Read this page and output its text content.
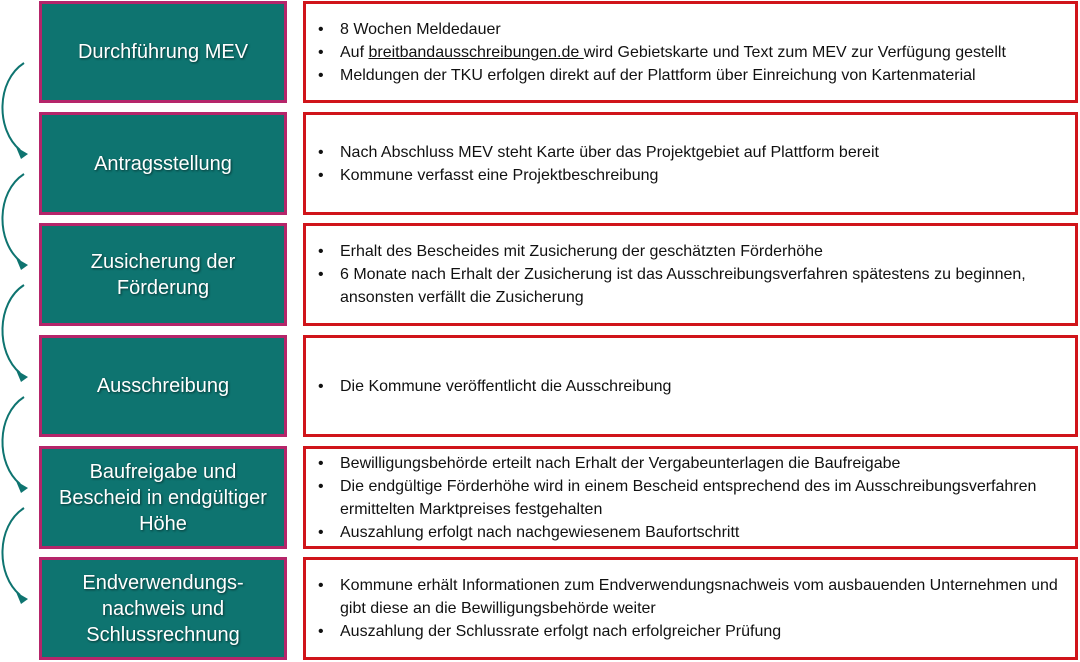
Durchführung MEV
• 8 Wochen Meldedauer
• Auf breitbandausschreibungen.de wird Gebietskarte und Text zum MEV zur Verfügung gestellt
• Meldungen der TKU erfolgen direkt auf der Plattform über Einreichung von Kartenmaterial
Antragsstellung
• Nach Abschluss MEV steht Karte über das Projektgebiet auf Plattform bereit
• Kommune verfasst eine Projektbeschreibung
Zusicherung der
Förderung
• Erhalt des Bescheides mit Zusicherung der geschätzten Förderhöhe
• 6 Monate nach Erhalt der Zusicherung ist das Ausschreibungsverfahren spätestens zu beginnen, ansonsten verfällt die Zusicherung
Ausschreibung	• Die Kommune veröffentlicht die Ausschreibung
Baufreigabe und
Bescheid in endgültiger
Höhe
• Bewilligungsbehörde erteilt nach Erhalt der Vergabeunterlagen die Baufreigabe
• Die endgültige Förderhöhe wird in einem Bescheid entsprechend des im Ausschreibungsverfahren ermittelten Marktpreises festgehalten
• Auszahlung erfolgt nach nachgewiesenem Baufortschritt
Endverwendungs-
nachweis und
Schlussrechnung
• Kommune erhält Informationen zum Endverwendungsnachweis vom ausbauenden Unternehmen und gibt diese an die Bewilligungsbehörde weiter
• Auszahlung der Schlussrate erfolgt nach erfolgreicher Prüfung
